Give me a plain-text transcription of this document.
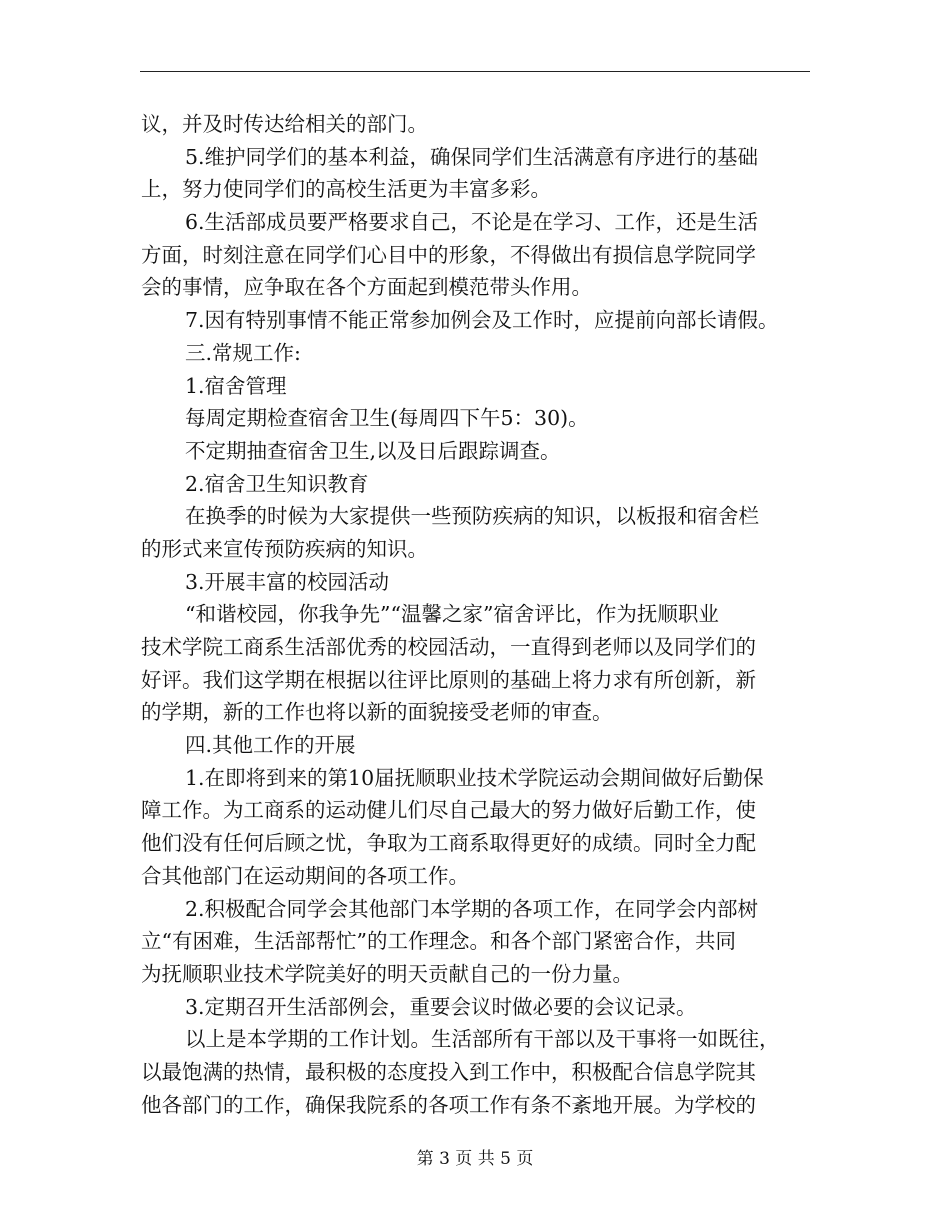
议，并及时传达给相关的部门。
5.维护同学们的基本利益，确保同学们生活满意有序进行的基础
上，努力使同学们的高校生活更为丰富多彩。
6.生活部成员要严格要求自己，不论是在学习、工作，还是生活
方面，时刻注意在同学们心目中的形象，不得做出有损信息学院同学
会的事情，应争取在各个方面起到模范带头作用。
7.因有特别事情不能正常参加例会及工作时，应提前向部长请假。
三.常规工作:
1.宿舍管理
每周定期检查宿舍卫生(每周四下午5：30)。
不定期抽查宿舍卫生,以及日后跟踪调查。
2.宿舍卫生知识教育
在换季的时候为大家提供一些预防疾病的知识，以板报和宿舍栏
的形式来宣传预防疾病的知识。
3.开展丰富的校园活动
“和谐校园，你我争先”“温馨之家”宿舍评比，作为抚顺职业
技术学院工商系生活部优秀的校园活动，一直得到老师以及同学们的
好评。我们这学期在根据以往评比原则的基础上将力求有所创新，新
的学期，新的工作也将以新的面貌接受老师的审查。
四.其他工作的开展
1.在即将到来的第10届抚顺职业技术学院运动会期间做好后勤保
障工作。为工商系的运动健儿们尽自己最大的努力做好后勤工作，使
他们没有任何后顾之忧，争取为工商系取得更好的成绩。同时全力配
合其他部门在运动期间的各项工作。
2.积极配合同学会其他部门本学期的各项工作，在同学会内部树
立“有困难，生活部帮忙”的工作理念。和各个部门紧密合作，共同
为抚顺职业技术学院美好的明天贡献自己的一份力量。
3.定期召开生活部例会，重要会议时做必要的会议记录。
以上是本学期的工作计划。生活部所有干部以及干事将一如既往，
以最饱满的热情，最积极的态度投入到工作中，积极配合信息学院其
他各部门的工作，确保我院系的各项工作有条不紊地开展。为学校的
第 3 页 共 5 页
